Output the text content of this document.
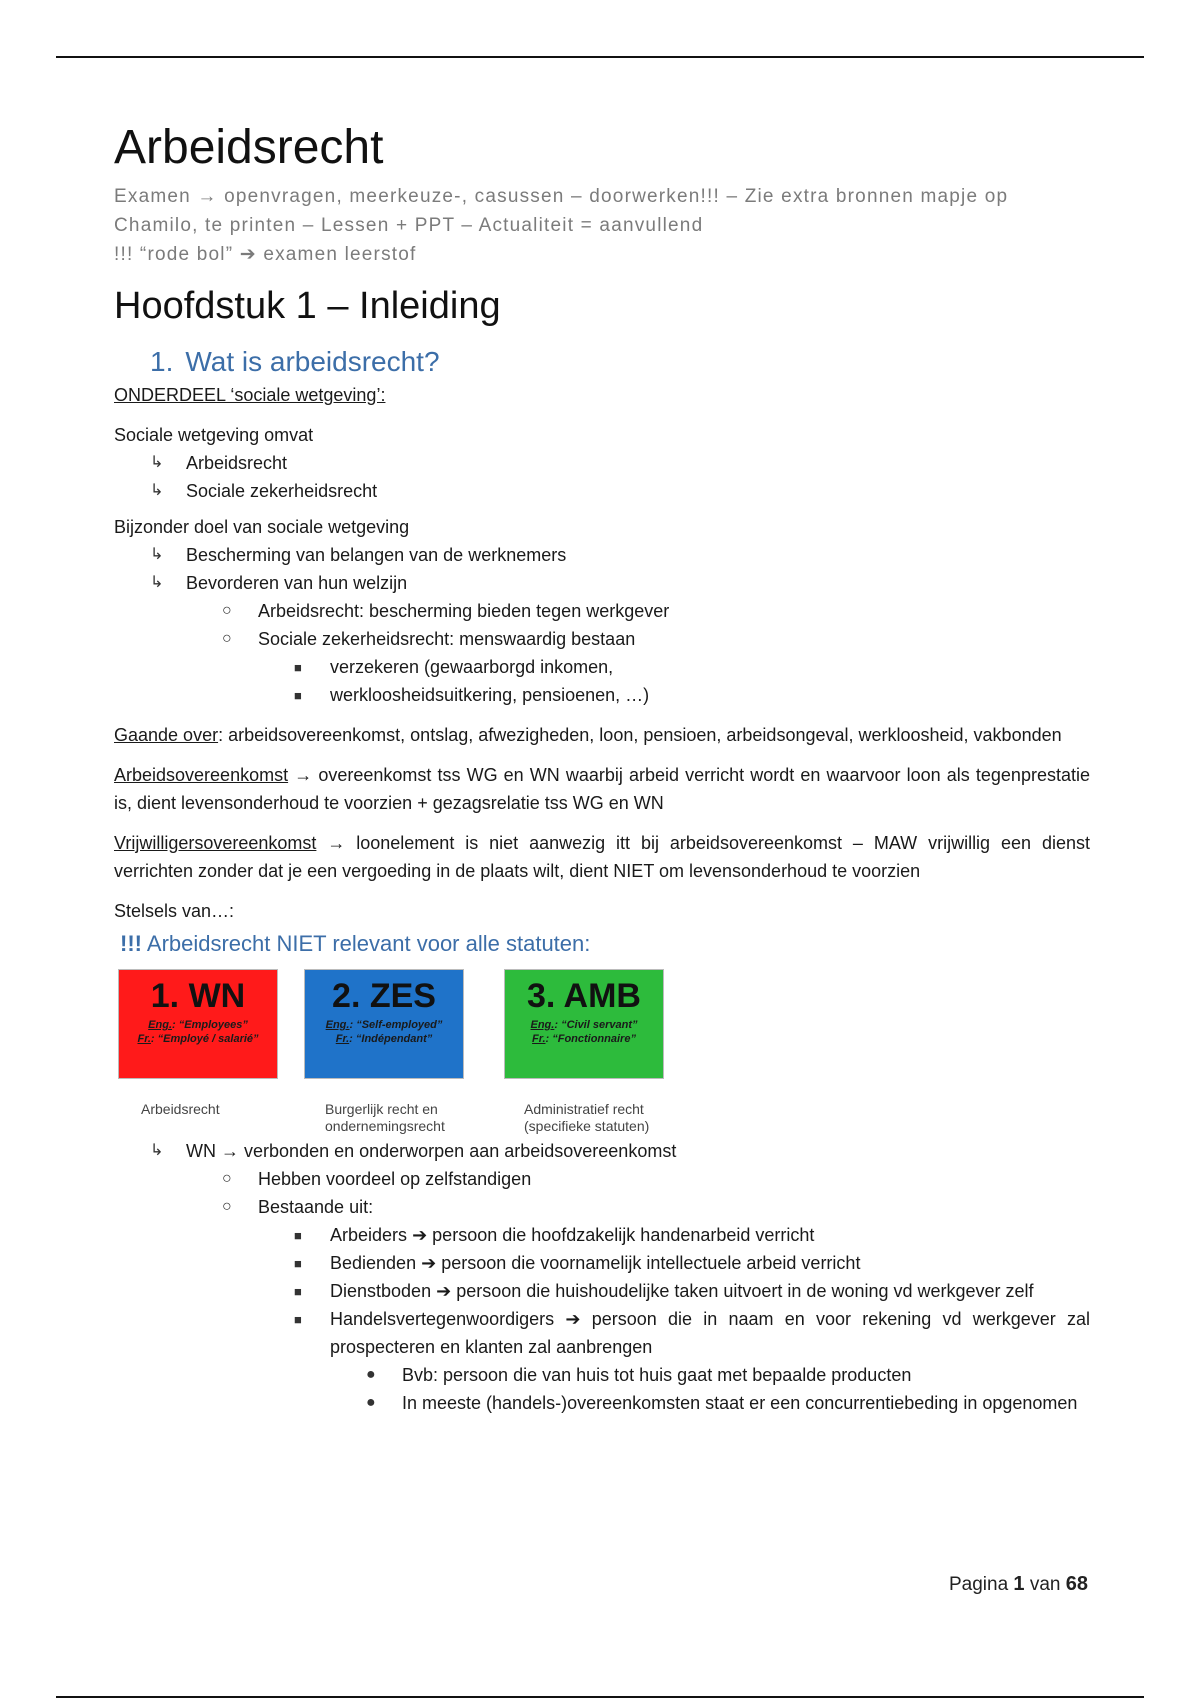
Arbeidsrecht
Examen → openvragen, meerkeuze-, casussen – doorwerken!!! – Zie extra bronnen mapje op
Chamilo, te printen – Lessen + PPT – Actualiteit = aanvullend
!!! “rode bol” ➔ examen leerstof
Hoofdstuk 1 – Inleiding
1. Wat is arbeidsrecht?

ONDERDEEL ‘sociale wetgeving’:

Sociale wetgeving omvat

↳ Arbeidsrecht
↳ Sociale zekerheidsrecht

Bijzonder doel van sociale wetgeving

↳ Bescherming van belangen van de werknemers
↳ Bevorderen van hun welzijn
○ Arbeidsrecht: bescherming bieden tegen werkgever
○ Sociale zekerheidsrecht: menswaardig bestaan
■ verzekeren (gewaarborgd inkomen,
■ werkloosheidsuitkering, pensioenen, …)

Gaande over: arbeidsovereenkomst, ontslag, afwezigheden, loon, pensioen, arbeidsongeval, werkloosheid, vakbonden

Arbeidsovereenkomst → overeenkomst tss WG en WN waarbij arbeid verricht wordt en waarvoor loon als tegenprestatie is, dient levensonderhoud te voorzien + gezagsrelatie tss WG en WN

Vrijwilligersovereenkomst → loonelement is niet aanwezig itt bij arbeidsovereenkomst – MAW vrijwillig een dienst verrichten zonder dat je een vergoeding in de plaats wilt, dient NIET om levensonderhoud te voorzien

Stelsels van…:

!!! Arbeidsrecht NIET relevant voor alle statuten:
1. WN
Eng.: “Employees”
Fr.: “Employé / salarié”
2. ZES
Eng.: “Self-employed”
Fr.: “Indépendant”
3. AMB
Eng.: “Civil servant”
Fr.: “Fonctionnaire”
Arbeidsrecht	Burgerlijk recht en
ondernemingsrecht
Administratief recht
(specifieke statuten)
↳ WN → verbonden en onderworpen aan arbeidsovereenkomst
○ Hebben voordeel op zelfstandigen
○ Bestaande uit:
■ Arbeiders ➔ persoon die hoofdzakelijk handenarbeid verricht
■ Bedienden ➔ persoon die voornamelijk intellectuele arbeid verricht
■ Dienstboden ➔ persoon die huishoudelijke taken uitvoert in de woning vd werkgever zelf
■ Handelsvertegenwoordigers ➔ persoon die in naam en voor rekening vd werkgever zal prospecteren en klanten zal aanbrengen
● Bvb: persoon die van huis tot huis gaat met bepaalde producten
● In meeste (handels-)overeenkomsten staat er een concurrentiebeding in opgenomen
Pagina 1 van 68
